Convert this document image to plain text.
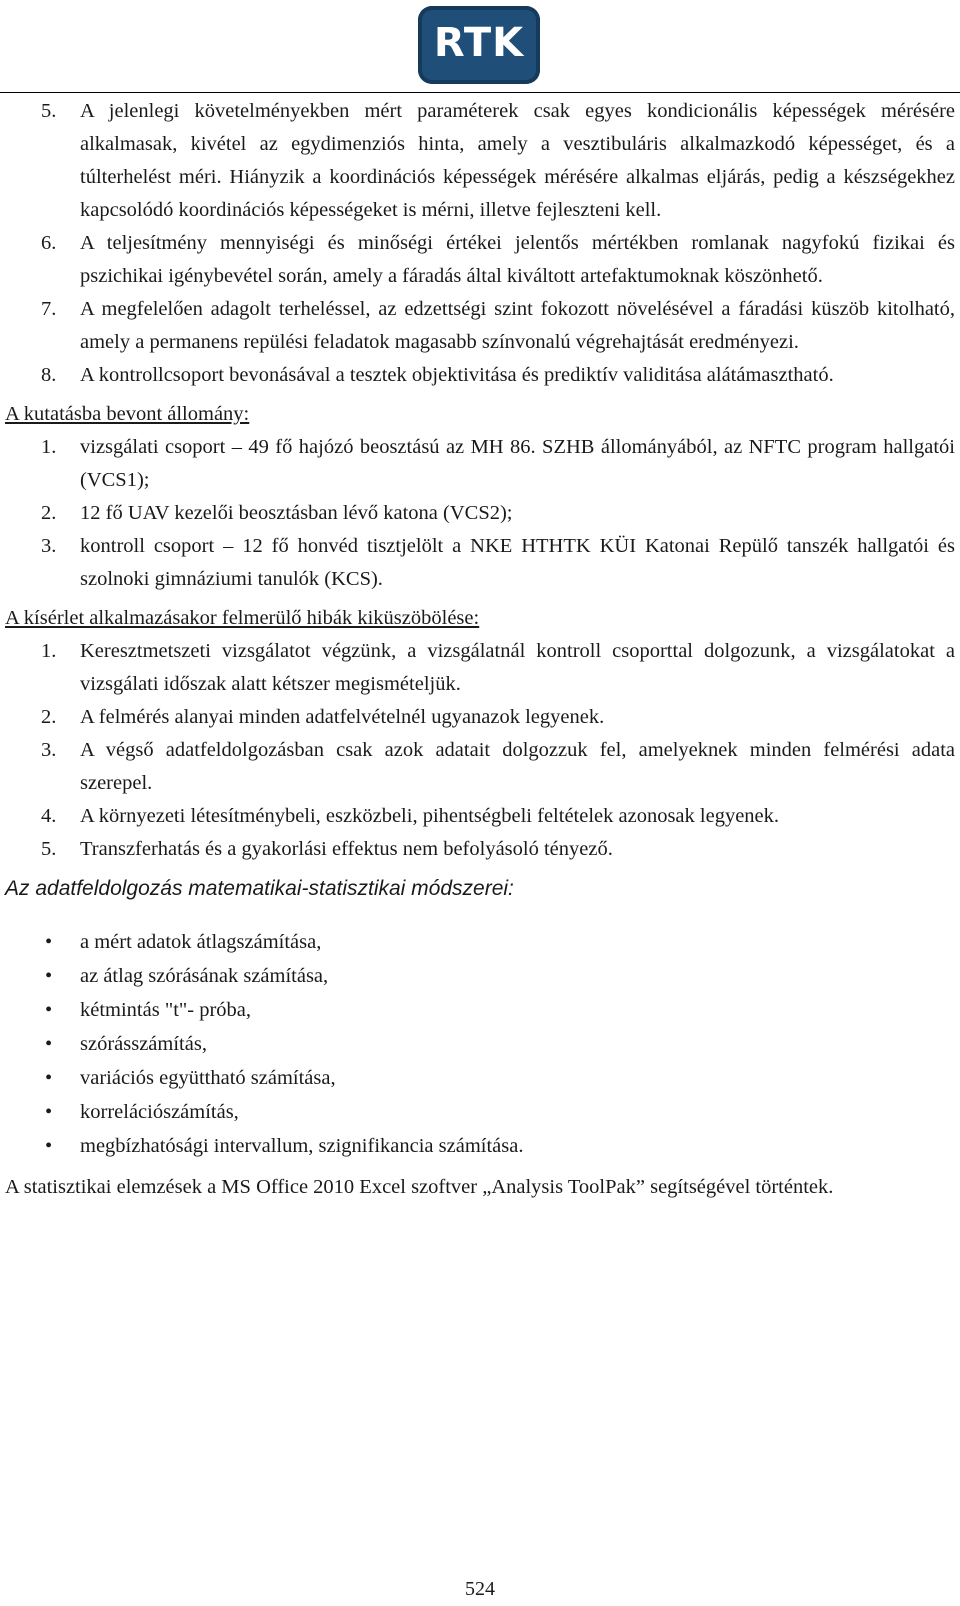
RTK
5. A jelenlegi követelményekben mért paraméterek csak egyes kondicionális képességek mérésére alkalmasak, kivétel az egydimenziós hinta, amely a vesztibuláris alkalmazkodó képességet, és a túlterhelést méri. Hiányzik a koordinációs képességek mérésére alkalmas eljárás, pedig a készségekhez kapcsolódó koordinációs képességeket is mérni, illetve fejleszteni kell.
6. A teljesítmény mennyiségi és minőségi értékei jelentős mértékben romlanak nagyfokú fizikai és pszichikai igénybevétel során, amely a fáradás által kiváltott artefaktumoknak köszönhető.
7. A megfelelően adagolt terheléssel, az edzettségi szint fokozott növelésével a fáradási küszöb kitolható, amely a permanens repülési feladatok magasabb színvonalú végrehajtását eredményezi.
8. A kontrollcsoport bevonásával a tesztek objektivitása és prediktív validitása alátámasztható.
A kutatásba bevont állomány:
1. vizsgálati csoport – 49 fő hajózó beosztású az MH 86. SZHB állományából, az NFTC program hallgatói (VCS1);
2. 12 fő UAV kezelői beosztásban lévő katona (VCS2);
3. kontroll csoport – 12 fő honvéd tisztjelölt a NKE HTHTK KÜI Katonai Repülő tanszék hallgatói és szolnoki gimnáziumi tanulók (KCS).
A kísérlet alkalmazásakor felmerülő hibák kiküszöbölése:
1. Keresztmetszeti vizsgálatot végzünk, a vizsgálatnál kontroll csoporttal dolgozunk, a vizsgálatokat a vizsgálati időszak alatt kétszer megismételjük.
2. A felmérés alanyai minden adatfelvételnél ugyanazok legyenek.
3. A végső adatfeldolgozásban csak azok adatait dolgozzuk fel, amelyeknek minden felmérési adata szerepel.
4. A környezeti létesítménybeli, eszközbeli, pihentségbeli feltételek azonosak legyenek.
5. Transzferhatás és a gyakorlási effektus nem befolyásoló tényező.
Az adatfeldolgozás matematikai-statisztikai módszerei:
• a mért adatok átlagszámítása,
• az átlag szórásának számítása,
• kétmintás "t"- próba,
• szórásszámítás,
• variációs együttható számítása,
• korrelációszámítás,
• megbízhatósági intervallum, szignifikancia számítása.
A statisztikai elemzések a MS Office 2010 Excel szoftver „Analysis ToolPak” segítségével történtek.
524
